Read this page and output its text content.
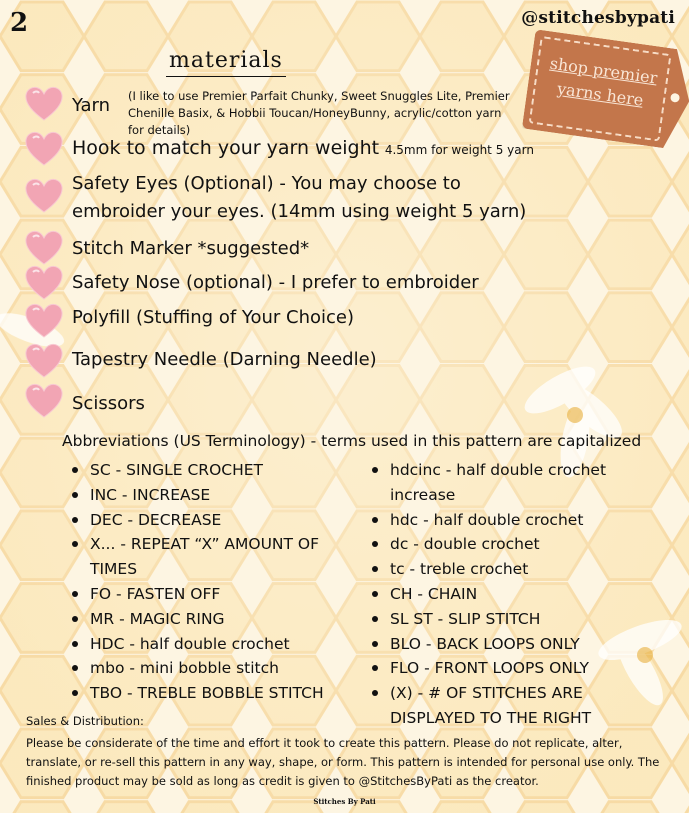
2	@stitchesbypati
materials	shop premier
yarns here
Yarn (I like to use Premier Parfait Chunky, Sweet Snuggles Lite, Premier Chenille Basix, & Hobbii Toucan/HoneyBunny, acrylic/cotton yarn for details)
Hook to match your yarn weight 4.5mm for weight 5 yarn
Safety Eyes (Optional) - You may choose to
embroider your eyes. (14mm using weight 5 yarn)
Stitch Marker *suggested*
Safety Nose (optional) - I prefer to embroider
Polyfill (Stuffing of Your Choice)
Tapestry Needle (Darning Needle)
Scissors
Abbreviations (US Terminology) - terms used in this pattern are capitalized
SC - SINGLE CROCHET
INC - INCREASE
DEC - DECREASE
X... - REPEAT “X” AMOUNT OF TIMES
FO - FASTEN OFF
MR - MAGIC RING
HDC - half double crochet
mbo - mini bobble stitch
TBO - TREBLE BOBBLE STITCH
hdcinc - half double crochet increase
hdc - half double crochet
dc - double crochet
tc - treble crochet
CH - CHAIN
SL ST - SLIP STITCH
BLO - BACK LOOPS ONLY
FLO - FRONT LOOPS ONLY
(X) - # OF STITCHES ARE DISPLAYED TO THE RIGHT
Sales & Distribution:
Please be considerate of the time and effort it took to create this pattern. Please do not replicate, alter, translate, or re-sell this pattern in any way, shape, or form. This pattern is intended for personal use only. The finished product may be sold as long as credit is given to @StitchesByPati as the creator.
Stitches By Pati
